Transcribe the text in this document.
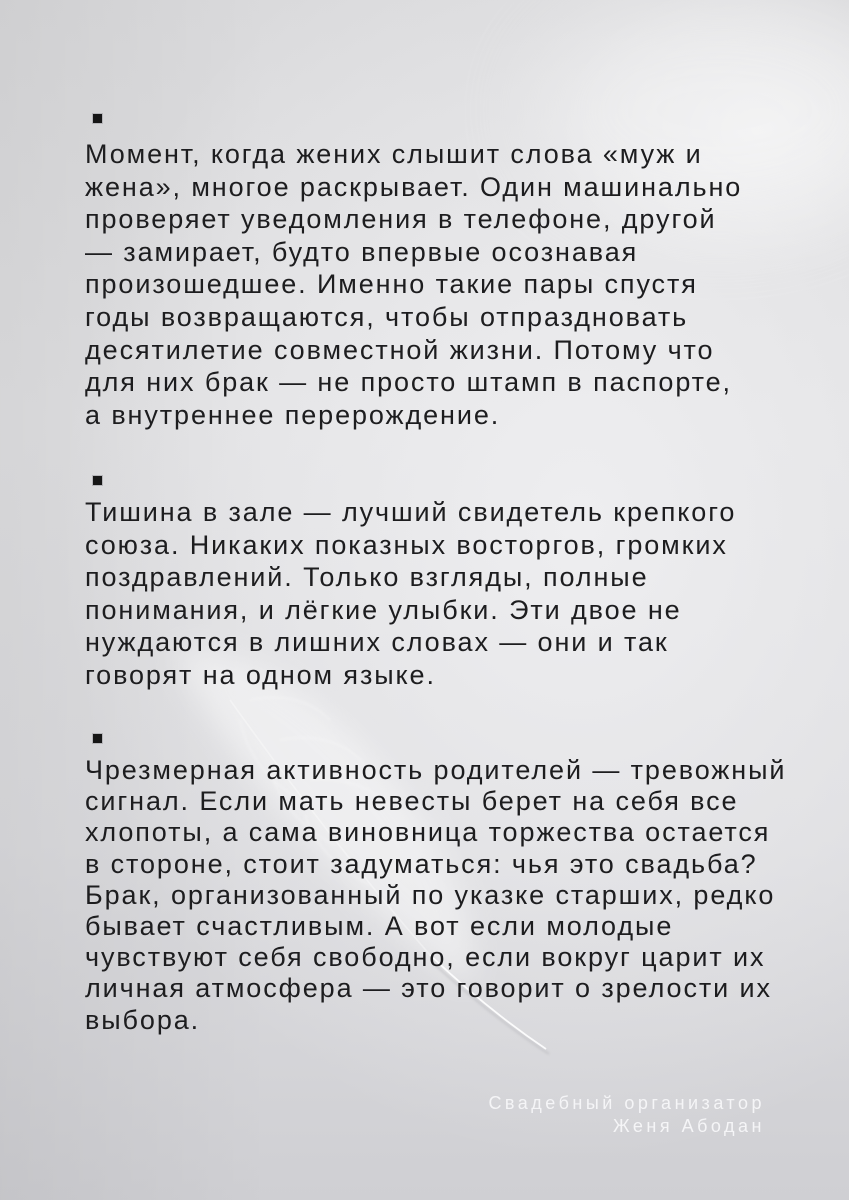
Момент, когда жених слышит слова «муж и
жена», многое раскрывает. Один машинально
проверяет уведомления в телефоне, другой
— замирает, будто впервые осознавая
произошедшее. Именно такие пары спустя
годы возвращаются, чтобы отпраздновать
десятилетие совместной жизни. Потому что
для них брак — не просто штамп в паспорте,
а внутреннее перерождение.
Тишина в зале — лучший свидетель крепкого
союза. Никаких показных восторгов, громких
поздравлений. Только взгляды, полные
понимания, и лёгкие улыбки. Эти двое не
нуждаются в лишних словах — они и так
говорят на одном языке.
Чрезмерная активность родителей — тревожный
сигнал. Если мать невесты берет на себя все
хлопоты, а сама виновница торжества остается
в стороне, стоит задуматься: чья это свадьба?
Брак, организованный по указке старших, редко
бывает счастливым. А вот если молодые
чувствуют себя свободно, если вокруг царит их
личная атмосфера — это говорит о зрелости их
выбора.
Свадебный организатор
Женя Абодан
